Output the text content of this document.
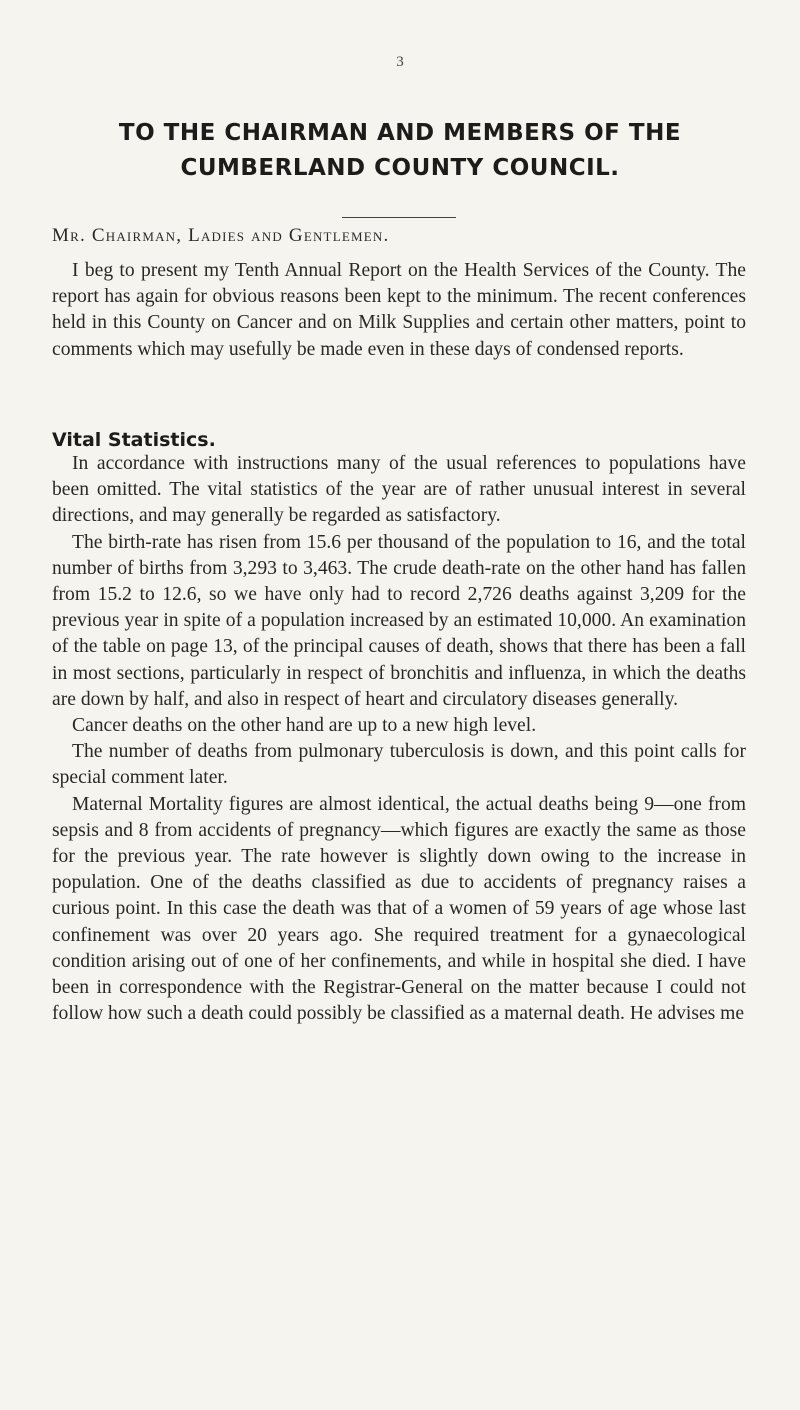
3
TO THE CHAIRMAN AND MEMBERS OF THE
CUMBERLAND COUNTY COUNCIL.
Mr. Chairman, Ladies and Gentlemen.

I beg to present my Tenth Annual Report on the Health Services of the County. The report has again for obvious reasons been kept to the minimum. The recent conferences held in this County on Cancer and on Milk Supplies and certain other matters, point to comments which may usefully be made even in these days of condensed reports.

Vital Statistics.

In accordance with instructions many of the usual references to populations have been omitted. The vital statistics of the year are of rather unusual interest in several directions, and may generally be regarded as satisfactory.

The birth-rate has risen from 15.6 per thousand of the population to 16, and the total number of births from 3,293 to 3,463. The crude death-rate on the other hand has fallen from 15.2 to 12.6, so we have only had to record 2,726 deaths against 3,209 for the previous year in spite of a population increased by an estimated 10,000. An examination of the table on page 13, of the principal causes of death, shows that there has been a fall in most sections, particularly in respect of bronchitis and influenza, in which the deaths are down by half, and also in respect of heart and circulatory diseases generally.

Cancer deaths on the other hand are up to a new high level.

The number of deaths from pulmonary tuberculosis is down, and this point calls for special comment later.

Maternal Mortality figures are almost identical, the actual deaths being 9—one from sepsis and 8 from accidents of pregnancy—which figures are exactly the same as those for the previous year. The rate however is slightly down owing to the increase in population. One of the deaths classified as due to accidents of pregnancy raises a curious point. In this case the death was that of a women of 59 years of age whose last confinement was over 20 years ago. She required treatment for a gynaecological condition arising out of one of her confinements, and while in hospital she died. I have been in correspondence with the Registrar-General on the matter because I could not follow how such a death could possibly be classified as a maternal death. He advises me
